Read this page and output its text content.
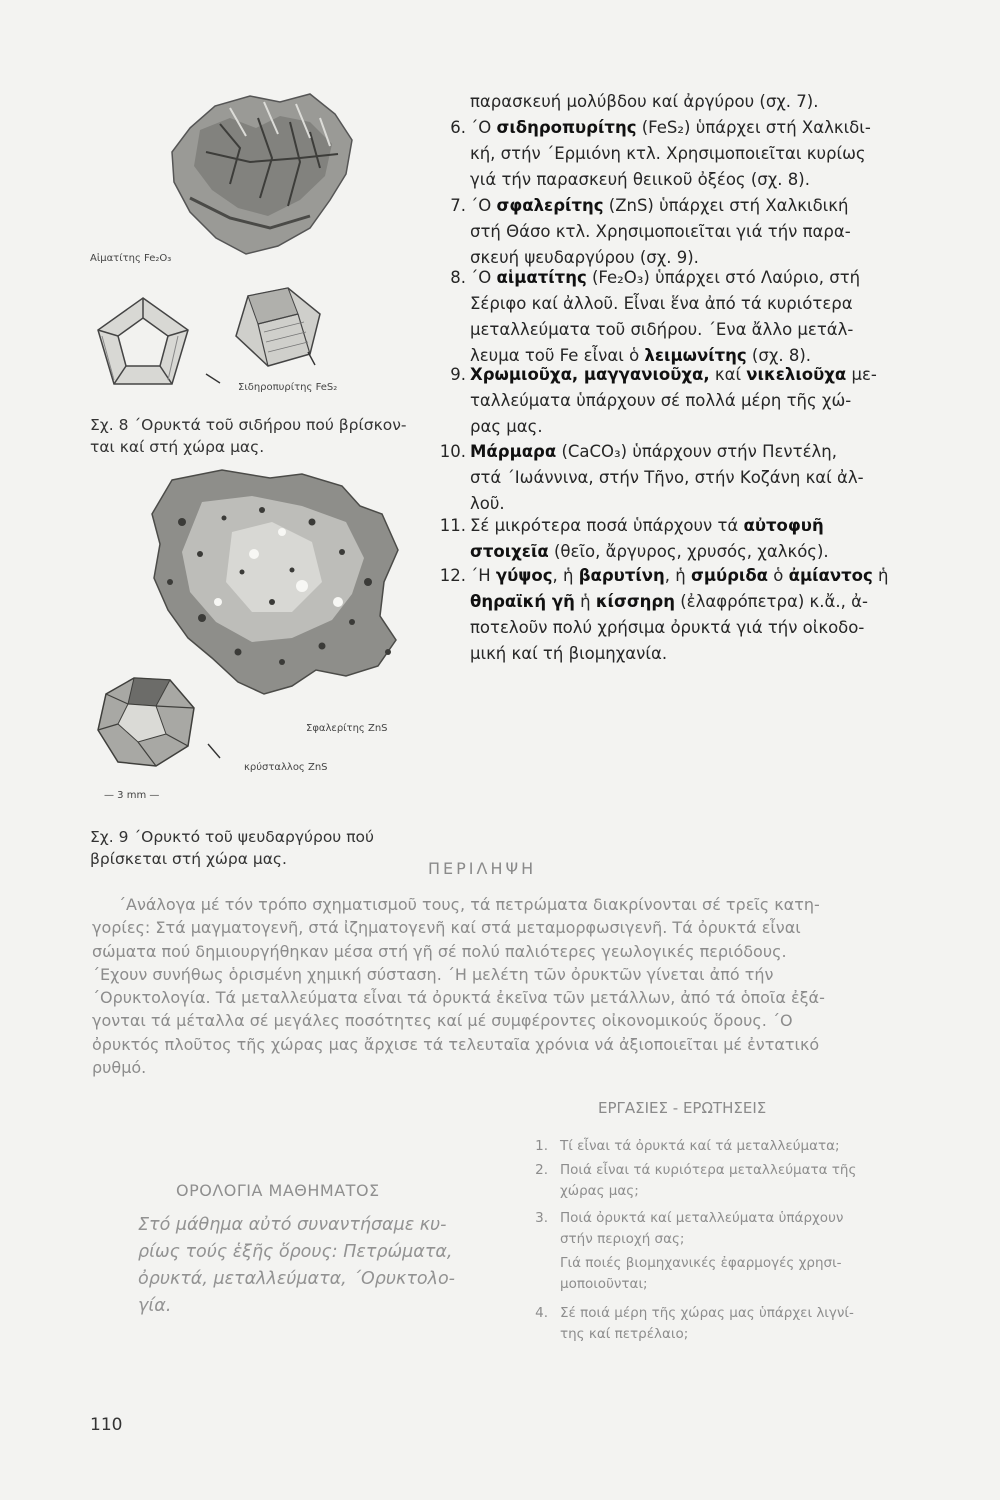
Αἱματίτης Fe₂O₃
Σιδηροπυρίτης FeS₂
Σχ. 8 ΄Ορυκτά τοῦ σιδήρου πού βρίσκον-
ται καί στή χώρα μας.
Σφαλερίτης ZnS
κρύσταλλος ZnS
— 3 mm —
Σχ. 9 ΄Ορυκτό τοῦ ψευδαργύρου πού
βρίσκεται στή χώρα μας.
παρασκευή μολύβδου καί ἀργύρου (σχ. 7).
6. ΄Ο σιδηροπυρίτης (FeS₂) ὑπάρχει στή Χαλκιδι-
κή, στήν ΄Ερμιόνη κτλ. Χρησιμοποιεῖται κυρίως
γιά τήν παρασκευή θειικοῦ ὀξέος (σχ. 8).
7. ΄Ο σφαλερίτης (ZnS) ὑπάρχει στή Χαλκιδική
στή Θάσο κτλ. Χρησιμοποιεῖται γιά τήν παρα-
σκευή ψευδαργύρου (σχ. 9).
8. ΄Ο αἱματίτης (Fe₂O₃) ὑπάρχει στό Λαύριο, στή
Σέριφο καί ἀλλοῦ. Εἶναι ἕνα ἀπό τά κυριότερα
μεταλλεύματα τοῦ σιδήρου. ΄Ενα ἄλλο μετάλ-
λευμα τοῦ Fe εἶναι ὁ λειμωνίτης (σχ. 8).
9. Χρωμιοῦχα, μαγγανιοῦχα, καί νικελιοῦχα με-
ταλλεύματα ὑπάρχουν σέ πολλά μέρη τῆς χώ-
ρας μας.
10. Μάρμαρα (CaCO₃) ὑπάρχουν στήν Πεντέλη,
στά ΄Ιωάννινα, στήν Τῆνο, στήν Κοζάνη καί ἀλ-
λοῦ.
11. Σέ μικρότερα ποσά ὑπάρχουν τά αὐτοφυῆ
στοιχεῖα (θεῖο, ἄργυρος, χρυσός, χαλκός).
12. ΄Η γύψος, ἡ βαρυτίνη, ἡ σμύριδα ὁ ἀμίαντος ἡ
θηραϊκή γῆ ἡ κίσσηρη (ἐλαφρόπετρα) κ.ἄ., ἀ-
ποτελοῦν πολύ χρήσιμα ὀρυκτά γιά τήν οἰκοδο-
μική καί τή βιομηχανία.
ΠΕΡΙΛΗΨΗ
΄Ανάλογα μέ τόν τρόπο σχηματισμοῦ τους, τά πετρώματα διακρίνονται σέ τρεῖς κατη-
γορίες: Στά μαγματογενῆ, στά ἰζηματογενῆ καί στά μεταμορφωσιγενῆ. Τά ὀρυκτά εἶναι
σώματα πού δημιουργήθηκαν μέσα στή γῆ σέ πολύ παλιότερες γεωλογικές περιόδους.
΄Εχουν συνήθως ὁρισμένη χημική σύσταση. ΄Η μελέτη τῶν ὀρυκτῶν γίνεται ἀπό τήν
΄Ορυκτολογία. Τά μεταλλεύματα εἶναι τά ὀρυκτά ἐκεῖνα τῶν μετάλλων, ἀπό τά ὁποῖα ἐξά-
γονται τά μέταλλα σέ μεγάλες ποσότητες καί μέ συμφέροντες οἰκονομικούς ὅρους. ΄Ο
ὀρυκτός πλοῦτος τῆς χώρας μας ἄρχισε τά τελευταῖα χρόνια νά ἀξιοποιεῖται μέ ἐντατικό
ρυθμό.
ΟΡΟΛΟΓΙΑ ΜΑΘΗΜΑΤΟΣ
Στό μάθημα αὐτό συναντήσαμε κυ-
ρίως τούς ἑξῆς ὅρους: Πετρώματα,
ὀρυκτά, μεταλλεύματα, ΄Ορυκτολο-
γία.
ΕΡΓΑΣΙΕΣ - ΕΡΩΤΗΣΕΙΣ
1. Τί εἶναι τά ὀρυκτά καί τά μεταλλεύματα;
2. Ποιά εἶναι τά κυριότερα μεταλλεύματα τῆς
χώρας μας;
3. Ποιά ὀρυκτά καί μεταλλεύματα ὑπάρχουν
στήν περιοχή σας;
Γιά ποιές βιομηχανικές ἐφαρμογές χρησι-
μοποιοῦνται;
4. Σέ ποιά μέρη τῆς χώρας μας ὑπάρχει λιγνί-
της καί πετρέλαιο;
110
